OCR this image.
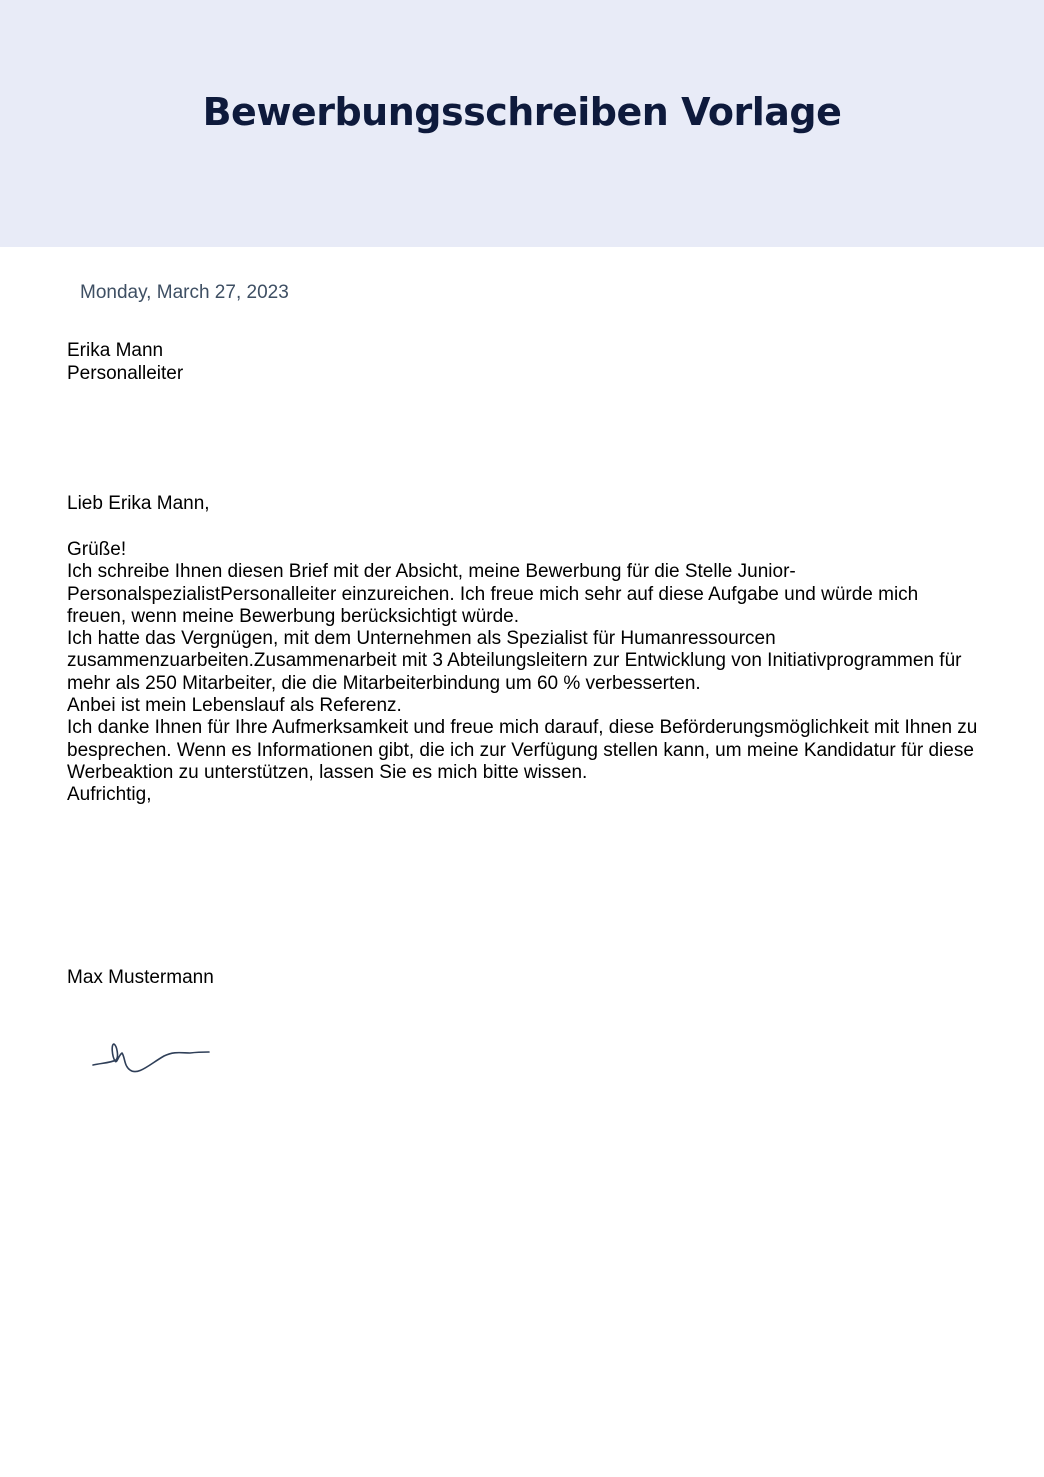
Bewerbungsschreiben Vorlage
Monday, March 27, 2023
Erika Mann
Personalleiter
Lieb Erika Mann,

Grüße!

Ich schreibe Ihnen diesen Brief mit der Absicht, meine Bewerbung für die Stelle Junior-PersonalspezialistPersonalleiter einzureichen. Ich freue mich sehr auf diese Aufgabe und würde mich freuen, wenn meine Bewerbung berücksichtigt würde.

Ich hatte das Vergnügen, mit dem Unternehmen als Spezialist für Humanressourcen zusammenzuarbeiten.Zusammenarbeit mit 3 Abteilungsleitern zur Entwicklung von Initiativprogrammen für mehr als 250 Mitarbeiter, die die Mitarbeiterbindung um 60 % verbesserten.

Anbei ist mein Lebenslauf als Referenz.

Ich danke Ihnen für Ihre Aufmerksamkeit und freue mich darauf, diese Beförderungsmöglichkeit mit Ihnen zu besprechen. Wenn es Informationen gibt, die ich zur Verfügung stellen kann, um meine Kandidatur für diese Werbeaktion zu unterstützen, lassen Sie es mich bitte wissen.

Aufrichtig,

Max Mustermann
